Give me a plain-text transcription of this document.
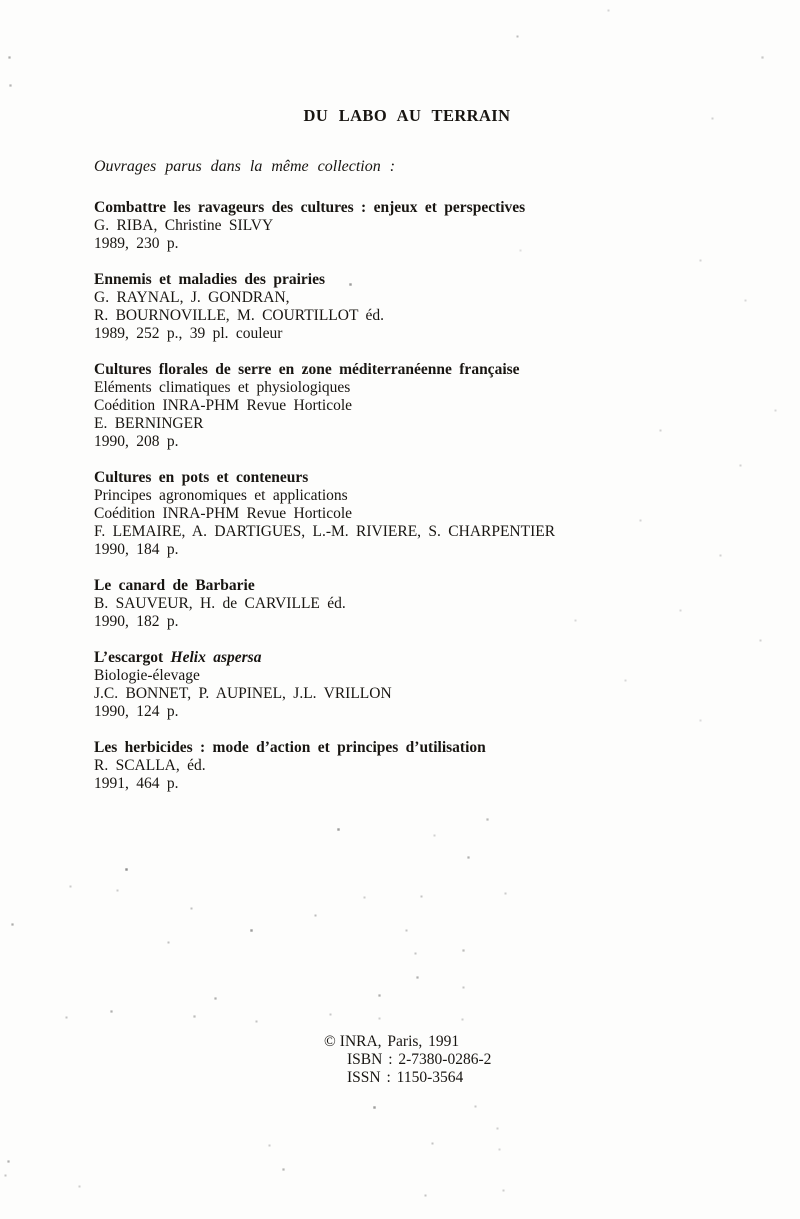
DU LABO AU TERRAIN

Ouvrages parus dans la même collection :

Combattre les ravageurs des cultures : enjeux et perspectives
G. RIBA, Christine SILVY
1989, 230 p.
Ennemis et maladies des prairies
G. RAYNAL, J. GONDRAN,
R. BOURNOVILLE, M. COURTILLOT éd.
1989, 252 p., 39 pl. couleur
Cultures florales de serre en zone méditerranéenne française
Eléments climatiques et physiologiques
Coédition INRA-PHM Revue Horticole
E. BERNINGER
1990, 208 p.
Cultures en pots et conteneurs
Principes agronomiques et applications
Coédition INRA-PHM Revue Horticole
F. LEMAIRE, A. DARTIGUES, L.-M. RIVIERE, S. CHARPENTIER
1990, 184 p.
Le canard de Barbarie
B. SAUVEUR, H. de CARVILLE éd.
1990, 182 p.
L’escargot Helix aspersa
Biologie-élevage
J.C. BONNET, P. AUPINEL, J.L. VRILLON
1990, 124 p.
Les herbicides : mode d’action et principes d’utilisation
R. SCALLA, éd.
1991, 464 p.
© INRA, Paris, 1991
ISBN : 2-7380-0286-2
ISSN : 1150-3564
